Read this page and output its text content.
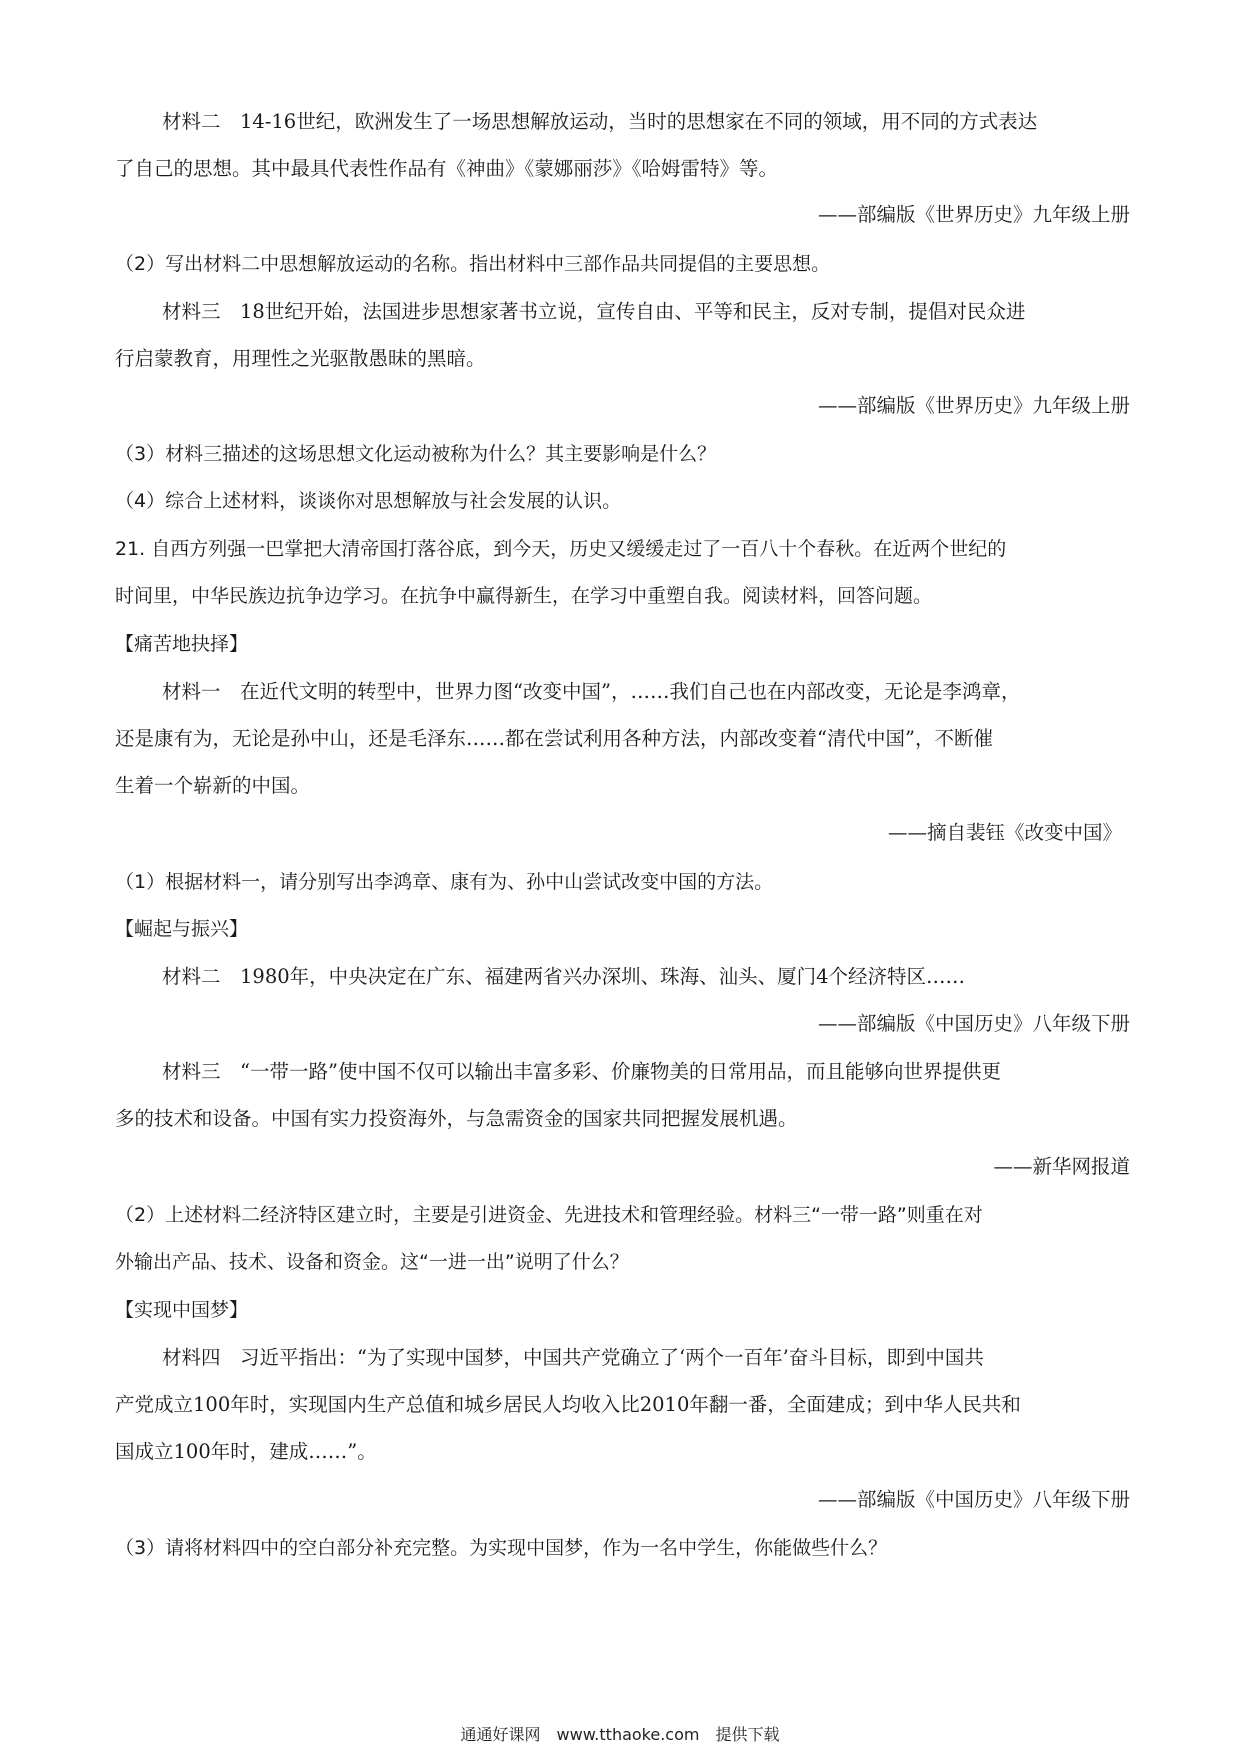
材料二　14-16世纪，欧洲发生了一场思想解放运动，当时的思想家在不同的领域，用不同的方式表达
了自己的思想。其中最具代表性作品有《神曲》《蒙娜丽莎》《哈姆雷特》等。
——部编版《世界历史》九年级上册
（2）写出材料二中思想解放运动的名称。指出材料中三部作品共同提倡的主要思想。
材料三　18世纪开始，法国进步思想家著书立说，宣传自由、平等和民主，反对专制，提倡对民众进
行启蒙教育，用理性之光驱散愚昧的黑暗。
——部编版《世界历史》九年级上册
（3）材料三描述的这场思想文化运动被称为什么？其主要影响是什么？
（4）综合上述材料，谈谈你对思想解放与社会发展的认识。
21. 自西方列强一巴掌把大清帝国打落谷底，到今天，历史又缓缓走过了一百八十个春秋。在近两个世纪的
时间里，中华民族边抗争边学习。在抗争中赢得新生，在学习中重塑自我。阅读材料，回答问题。
【痛苦地抉择】
材料一　在近代文明的转型中，世界力图“改变中国”，……我们自己也在内部改变，无论是李鸿章，
还是康有为，无论是孙中山，还是毛泽东……都在尝试利用各种方法，内部改变着“清代中国”，不断催
生着一个崭新的中国。
——摘自裴钰《改变中国》
（1）根据材料一，请分别写出李鸿章、康有为、孙中山尝试改变中国的方法。
【崛起与振兴】
材料二　1980年，中央决定在广东、福建两省兴办深圳、珠海、汕头、厦门4个经济特区……
——部编版《中国历史》八年级下册
材料三　“一带一路”使中国不仅可以输出丰富多彩、价廉物美的日常用品，而且能够向世界提供更
多的技术和设备。中国有实力投资海外，与急需资金的国家共同把握发展机遇。
——新华网报道
（2）上述材料二经济特区建立时，主要是引进资金、先进技术和管理经验。材料三“一带一路”则重在对
外输出产品、技术、设备和资金。这“一进一出”说明了什么？
【实现中国梦】
材料四　习近平指出：“为了实现中国梦，中国共产党确立了‘两个一百年’奋斗目标，即到中国共
产党成立100年时，实现国内生产总值和城乡居民人均收入比2010年翻一番，全面建成；到中华人民共和
国成立100年时，建成……”。
——部编版《中国历史》八年级下册
（3）请将材料四中的空白部分补充完整。为实现中国梦，作为一名中学生，你能做些什么？
通通好课网　www.tthaoke.com　提供下载
